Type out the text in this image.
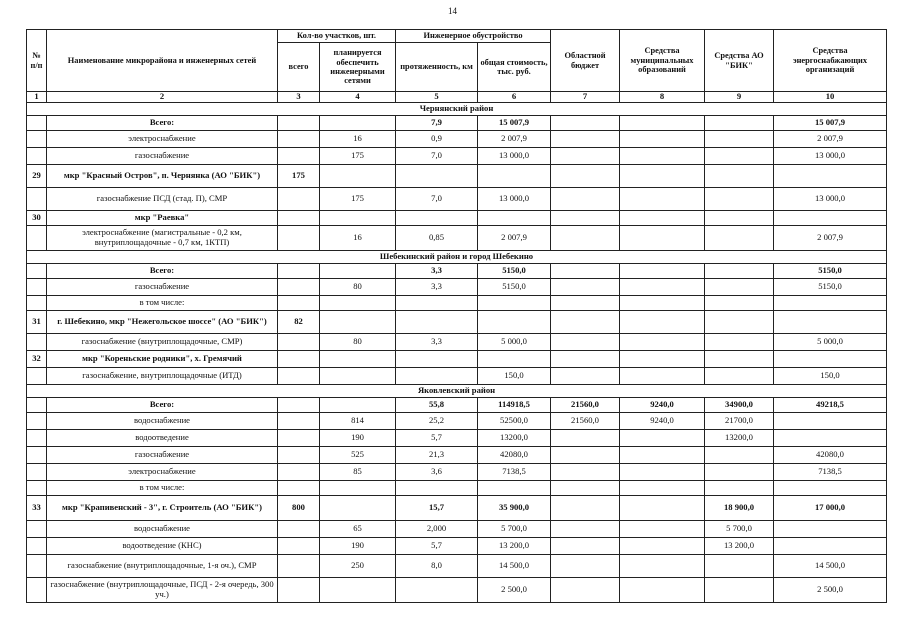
14
№ п/п	Наименование микрорайона и инженерных сетей	Кол-во участков, шт.		Инженерное обустройство		Областной бюджет	Средства муниципальных образований	Средства АО "БИК"	Средства энергоснабжающих организаций
		всего	планируется обеспечить инженерными сетями	протяженность, км	общая стоимость, тыс. руб.				
1	2	3	4	5	6	7	8	9	10
Чернянский район									
	Всего:			7,9	15 007,9				15 007,9
	электроснабжение		16	0,9	2 007,9				2 007,9
	газоснабжение		175	7,0	13 000,0				13 000,0
29	мкр "Красный Остров", п. Чернянка (АО "БИК")	175							
	газоснабжение ПСД (стад. П), СМР		175	7,0	13 000,0				13 000,0
30	мкр "Раевка"								
	электроснабжение (магистральные - 0,2 км, внутриплощадочные - 0,7 км, 1КТП)		16	0,85	2 007,9				2 007,9
Шебекинский район и город Шебекино									
	Всего:			3,3	5150,0				5150,0
	газоснабжение		80	3,3	5150,0				5150,0
	в том числе:								
31	г. Шебекино, мкр "Нежегольское шоссе" (АО "БИК")	82							
	газоснабжение (внутриплощадочные, СМР)		80	3,3	5 000,0				5 000,0
32	мкр "Кореньские родники", х. Гремячий								
	газоснабжение, внутриплощадочные (ИТД)				150,0				150,0
Яковлевский район									
	Всего:			55,8	114918,5	21560,0	9240,0	34900,0	49218,5
	водоснабжение		814	25,2	52500,0	21560,0	9240,0	21700,0	
	водоотведение		190	5,7	13200,0			13200,0	
	газоснабжение		525	21,3	42080,0				42080,0
	электроснабжение		85	3,6	7138,5				7138,5
	в том числе:								
33	мкр "Крапивенский - 3", г. Строитель (АО "БИК")	800		15,7	35 900,0			18 900,0	17 000,0
	водоснабжение		65	2,000	5 700,0			5 700,0	
	водоотведение (КНС)		190	5,7	13 200,0			13 200,0	
	газоснабжение (внутриплощадочные, 1-я оч.), СМР		250	8,0	14 500,0				14 500,0
	газоснабжение (внутриплощадочные, ПСД - 2-я очередь, 300 уч.)				2 500,0				2 500,0
